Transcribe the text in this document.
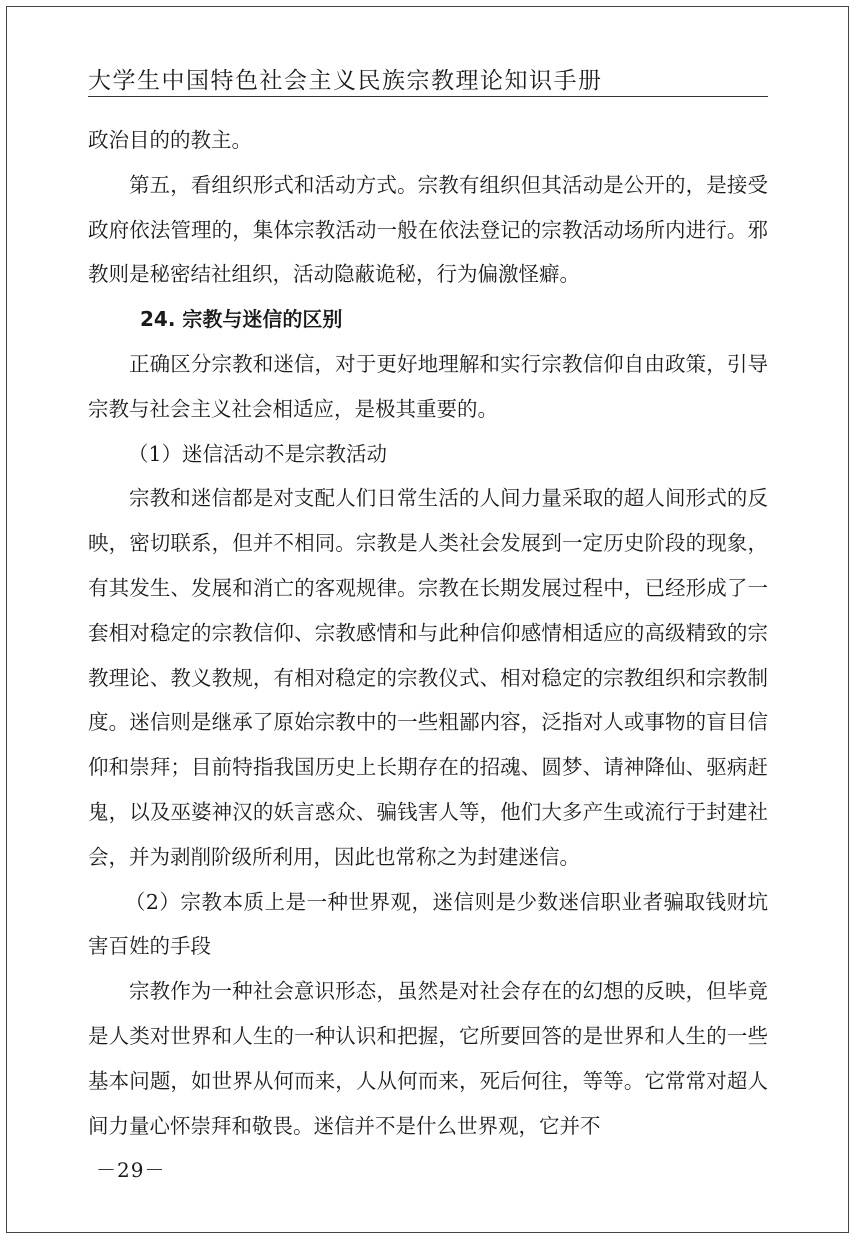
大学生中国特色社会主义民族宗教理论知识手册

政治目的的教主。

第五，看组织形式和活动方式。宗教有组织但其活动是公开的，是接受政府依法管理的，集体宗教活动一般在依法登记的宗教活动场所内进行。邪教则是秘密结社组织，活动隐蔽诡秘，行为偏激怪癖。

24. 宗教与迷信的区别

正确区分宗教和迷信，对于更好地理解和实行宗教信仰自由政策，引导宗教与社会主义社会相适应，是极其重要的。

（1）迷信活动不是宗教活动

宗教和迷信都是对支配人们日常生活的人间力量采取的超人间形式的反映，密切联系，但并不相同。宗教是人类社会发展到一定历史阶段的现象，有其发生、发展和消亡的客观规律。宗教在长期发展过程中，已经形成了一套相对稳定的宗教信仰、宗教感情和与此种信仰感情相适应的高级精致的宗教理论、教义教规，有相对稳定的宗教仪式、相对稳定的宗教组织和宗教制度。迷信则是继承了原始宗教中的一些粗鄙内容，泛指对人或事物的盲目信仰和崇拜；目前特指我国历史上长期存在的招魂、圆梦、请神降仙、驱病赶鬼，以及巫婆神汉的妖言惑众、骗钱害人等，他们大多产生或流行于封建社会，并为剥削阶级所利用，因此也常称之为封建迷信。

（2）宗教本质上是一种世界观，迷信则是少数迷信职业者骗取钱财坑害百姓的手段

宗教作为一种社会意识形态，虽然是对社会存在的幻想的反映，但毕竟是人类对世界和人生的一种认识和把握，它所要回答的是世界和人生的一些基本问题，如世界从何而来，人从何而来，死后何往，等等。它常常对超人间力量心怀崇拜和敬畏。迷信并不是什么世界观，它并不

－29－
